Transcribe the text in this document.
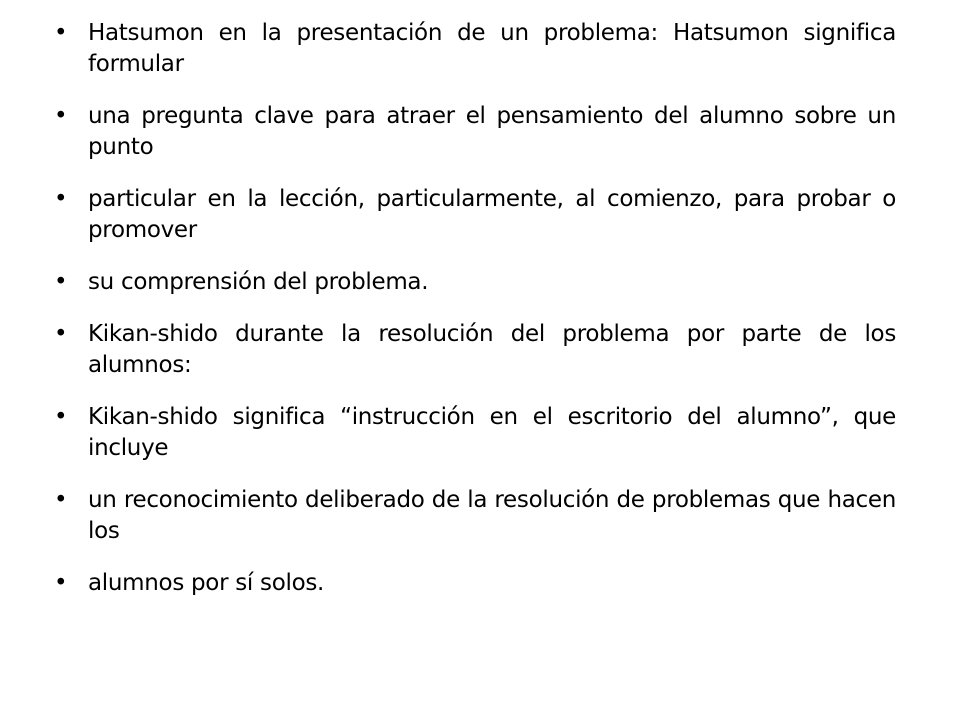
• Hatsumon en la presentación de un problema: Hatsumon significa formular
• una pregunta clave para atraer el pensamiento del alumno sobre un punto
• particular en la lección, particularmente, al comienzo, para probar o promover
• su comprensión del problema.
• Kikan-shido durante la resolución del problema por parte de los alumnos:
• Kikan-shido significa “instrucción en el escritorio del alumno”, que incluye
• un reconocimiento deliberado de la resolución de problemas que hacen los
• alumnos por sí solos.
